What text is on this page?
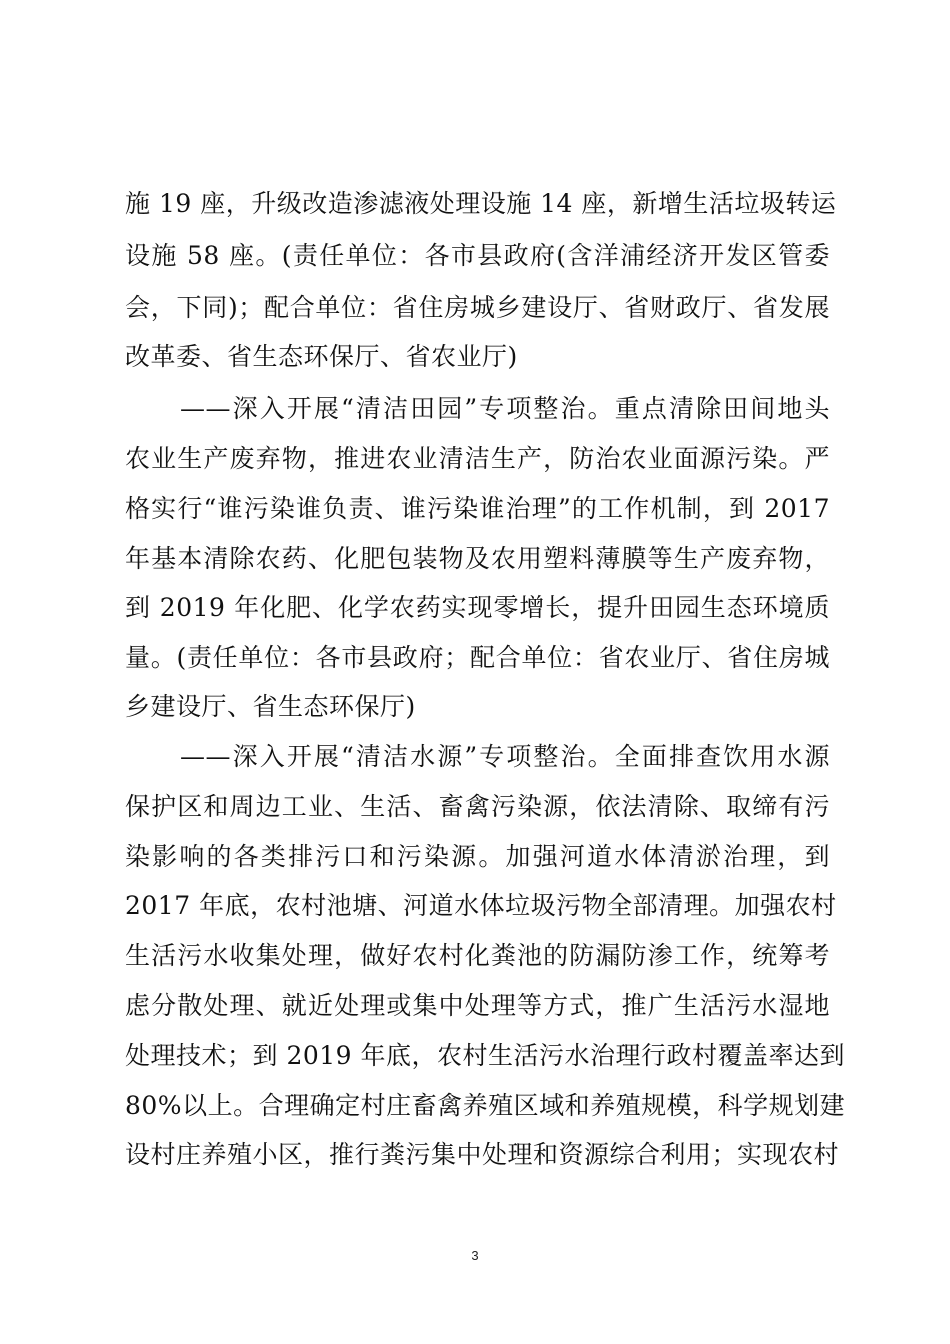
施 19 座，升级改造渗滤液处理设施 14 座，新增生活垃圾转运
设施 58 座。(责任单位：各市县政府(含洋浦经济开发区管委
会，下同)；配合单位：省住房城乡建设厅、省财政厅、省发展
改革委、省生态环保厅、省农业厅)
——深入开展“清洁田园”专项整治。重点清除田间地头
农业生产废弃物，推进农业清洁生产，防治农业面源污染。严
格实行“谁污染谁负责、谁污染谁治理”的工作机制，到 2017
年基本清除农药、化肥包装物及农用塑料薄膜等生产废弃物，
到 2019 年化肥、化学农药实现零增长，提升田园生态环境质
量。(责任单位：各市县政府；配合单位：省农业厅、省住房城
乡建设厅、省生态环保厅)
——深入开展“清洁水源”专项整治。全面排查饮用水源
保护区和周边工业、生活、畜禽污染源，依法清除、取缔有污
染影响的各类排污口和污染源。加强河道水体清淤治理，到
2017 年底，农村池塘、河道水体垃圾污物全部清理。加强农村
生活污水收集处理，做好农村化粪池的防漏防渗工作，统筹考
虑分散处理、就近处理或集中处理等方式，推广生活污水湿地
处理技术；到 2019 年底，农村生活污水治理行政村覆盖率达到
80%以上。合理确定村庄畜禽养殖区域和养殖规模，科学规划建
设村庄养殖小区，推行粪污集中处理和资源综合利用；实现农村
3
